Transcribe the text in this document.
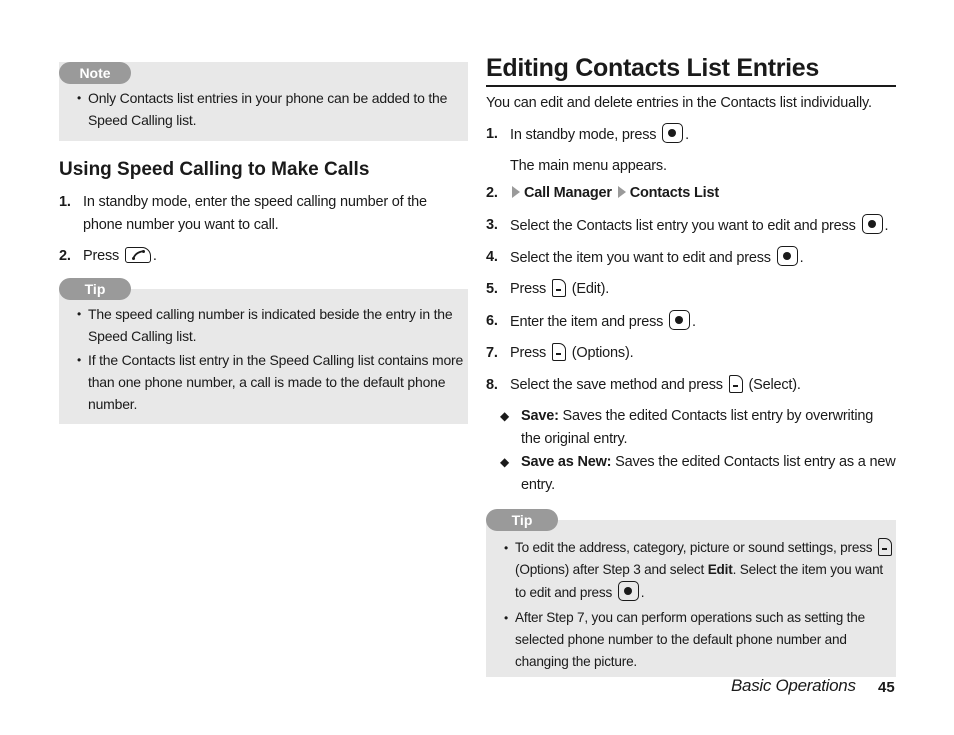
Note
• Only Contacts list entries in your phone can be added to the Speed Calling list.
Using Speed Calling to Make Calls
1. In standby mode, enter the speed calling number of the phone number you want to call.
2. Press .
Tip
• The speed calling number is indicated beside the entry in the Speed Calling list.
• If the Contacts list entry in the Speed Calling list contains more than one phone number, a call is made to the default phone number.
Editing Contacts List Entries

You can edit and delete entries in the Contacts list individually.

1. In standby mode, press .
The main menu appears.
2. Call Manager Contacts List
3. Select the Contacts list entry you want to edit and press .
4. Select the item you want to edit and press .
5. Press (Edit).
6. Enter the item and press .
7. Press (Options).
8. Select the save method and press (Select).
◆ Save: Saves the edited Contacts list entry by overwriting the original entry.
◆ Save as New: Saves the edited Contacts list entry as a new entry.
Tip
• To edit the address, category, picture or sound settings, press  (Options) after Step 3 and select Edit. Select the item you want to edit and press .
• After Step 7, you can perform operations such as setting the selected phone number to the default phone number and changing the picture.
Basic Operations 45
